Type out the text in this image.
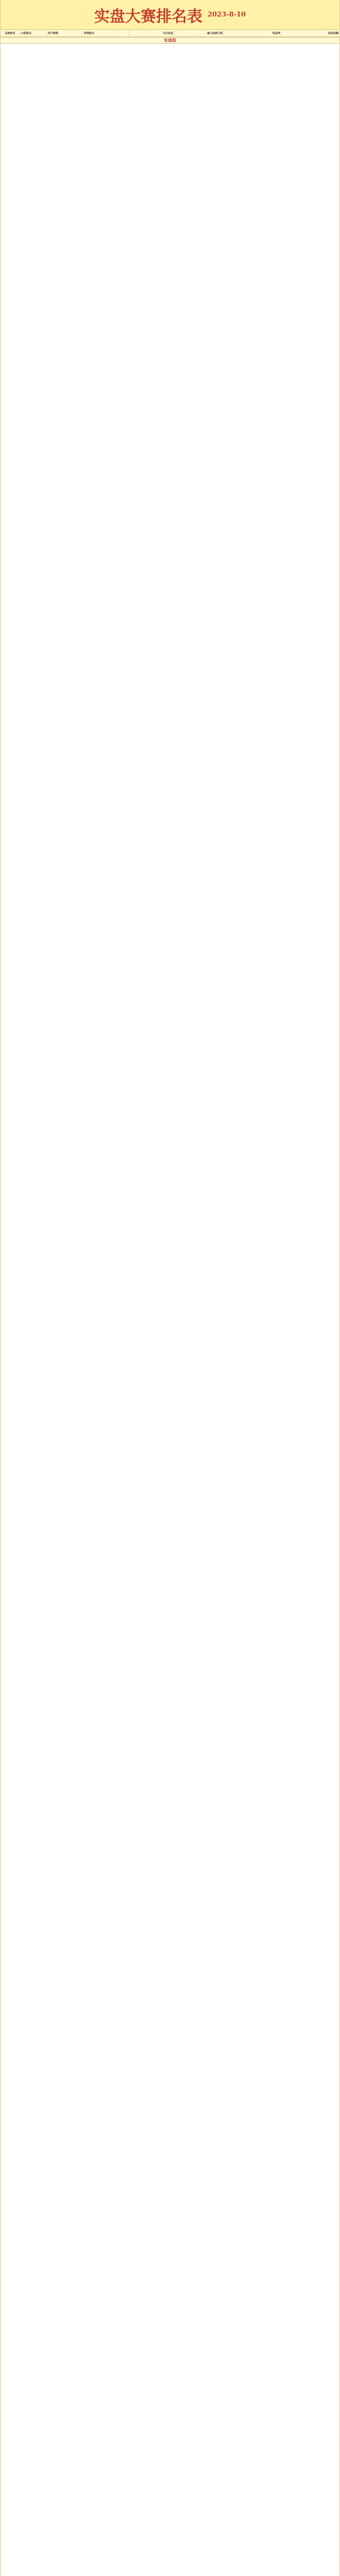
实盘大赛排名表 2023-8-10
总榜排名	分组排名	用户昵称	券商账号	当日收益	最大连续亏损	收益率	收益回撤
实盘组
